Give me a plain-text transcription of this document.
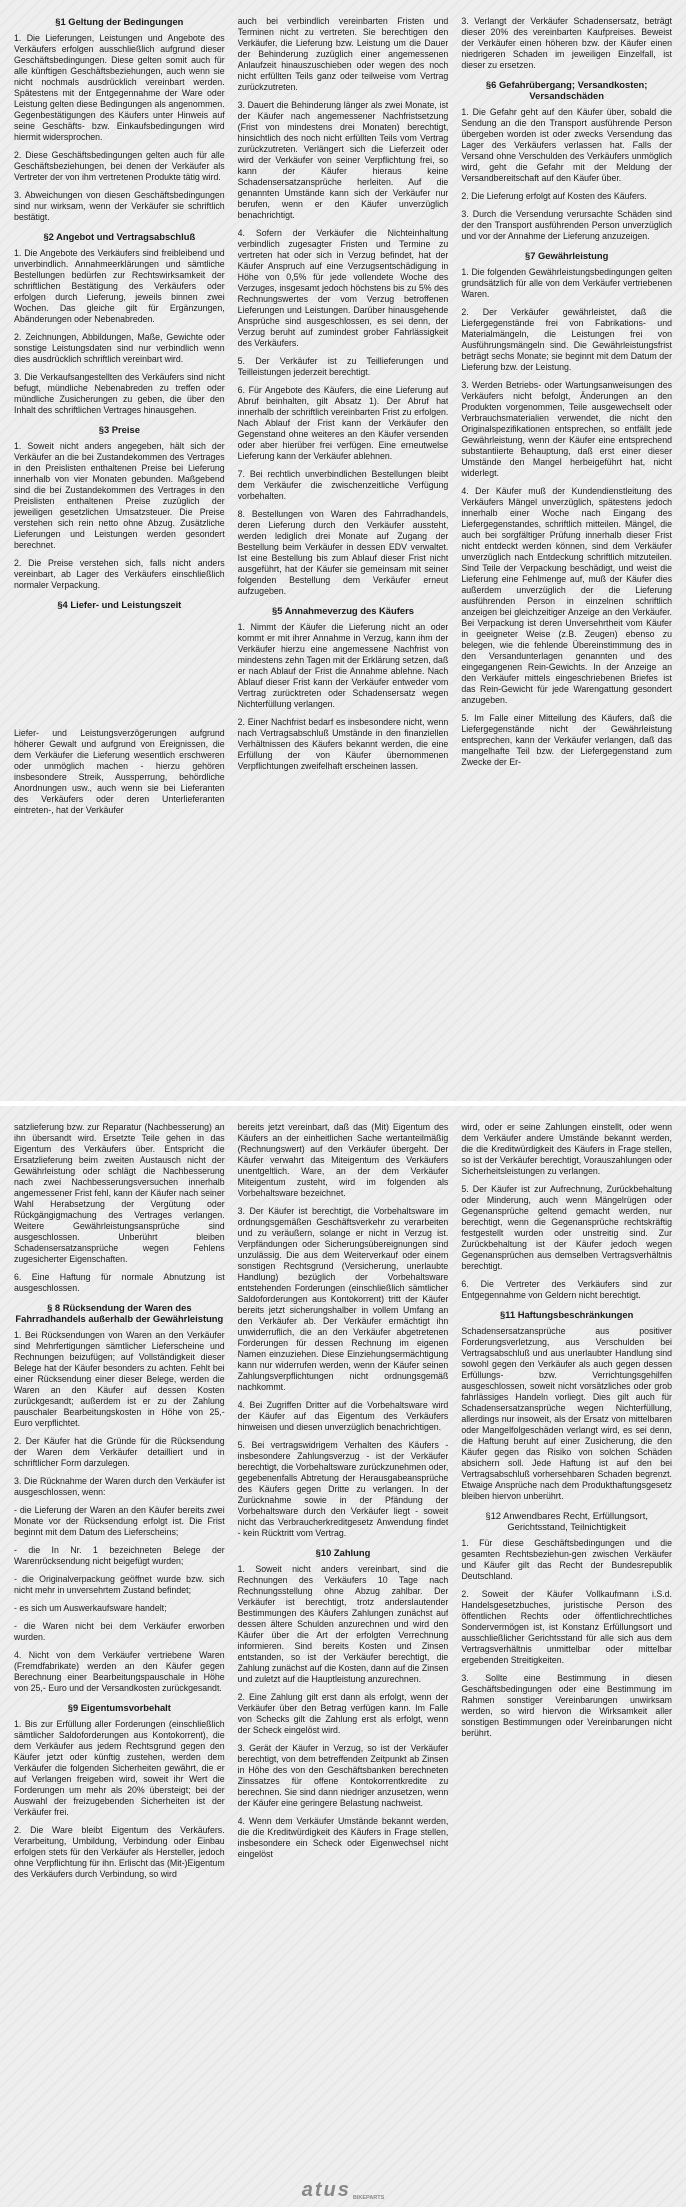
§1 Geltung der Bedingungen

1. Die Lieferungen, Leistungen und Angebote des Verkäufers erfolgen ausschließlich aufgrund dieser Geschäftsbedingungen. Diese gelten somit auch für alle künftigen Geschäftsbeziehungen, auch wenn sie nicht nochmals ausdrücklich vereinbart werden. Spätestens mit der Entgegennahme der Ware oder Leistung gelten diese Bedingungen als angenommen. Gegenbestätigungen des Käufers unter Hinweis auf seine Geschäfts- bzw. Einkaufsbedingungen wird hiermit widersprochen.

2. Diese Geschäftsbedingungen gelten auch für alle Geschäftsbeziehungen, bei denen der Verkäufer als Vertreter der von ihm vertretenen Produkte tätig wird.

3. Abweichungen von diesen Geschäftsbedingungen sind nur wirksam, wenn der Verkäufer sie schriftlich bestätigt.

§2 Angebot und Vertragsabschluß

1. Die Angebote des Verkäufers sind freibleibend und unverbindlich. Annahmeerklärungen und sämtliche Bestellungen bedürfen zur Rechtswirksamkeit der schriftlichen Bestätigung des Verkäufers oder erfolgen durch Lieferung, jeweils binnen zwei Wochen. Das gleiche gilt für Ergänzungen, Abänderungen oder Nebenabreden.

2. Zeichnungen, Abbildungen, Maße, Gewichte oder sonstige Leistungsdaten sind nur verbindlich wenn dies ausdrücklich schriftlich vereinbart wird.

3. Die Verkaufsangestellten des Verkäufers sind nicht befugt, mündliche Nebenabreden zu treffen oder mündliche Zusicherungen zu geben, die über den Inhalt des schriftlichen Vertrages hinausgehen.

§3 Preise

1. Soweit nicht anders angegeben, hält sich der Verkäufer an die bei Zustandekommen des Vertrages in den Preislisten enthaltenen Preise bei Lieferung innerhalb von vier Monaten gebunden. Maßgebend sind die bei Zustandekommen des Vertrages in den Preislisten enthaltenen Preise zuzüglich der jeweiligen gesetzlichen Umsatzsteuer. Die Preise verstehen sich rein netto ohne Abzug. Zusätzliche Lieferungen und Leistungen werden gesondert berechnet.

2. Die Preise verstehen sich, falls nicht anders vereinbart, ab Lager des Verkäufers einschließlich normaler Verpackung.

§4 Liefer- und Leistungszeit

Liefer- und Leistungsverzögerungen aufgrund höherer Gewalt und aufgrund von Ereignissen, die dem Verkäufer die Lieferung wesentlich erschweren oder unmöglich machen - hierzu gehören insbesondere Streik, Aussperrung, behördliche Anordnungen usw., auch wenn sie bei Lieferanten des Verkäufers oder deren Unterlieferanten eintreten-, hat der Verkäufer

auch bei verbindlich vereinbarten Fristen und Terminen nicht zu vertreten. Sie berechtigen den Verkäufer, die Lieferung bzw. Leistung um die Dauer der Behinderung zuzüglich einer angemessenen Anlaufzeit hinauszuschieben oder wegen des noch nicht erfüllten Teils ganz oder teilweise vom Vertrag zurückzutreten.

3. Dauert die Behinderung länger als zwei Monate, ist der Käufer nach angemessener Nachfristsetzung (Frist von mindestens drei Monaten) berechtigt, hinsichtlich des noch nicht erfüllten Teils vom Vertrag zurückzutreten. Verlängert sich die Lieferzeit oder wird der Verkäufer von seiner Verpflichtung frei, so kann der Käufer hieraus keine Schadensersatzansprüche herleiten. Auf die genannten Umstände kann sich der Verkäufer nur berufen, wenn er den Käufer unverzüglich benachrichtigt.

4. Sofern der Verkäufer die Nichteinhaltung verbindlich zugesagter Fristen und Termine zu vertreten hat oder sich in Verzug befindet, hat der Käufer Anspruch auf eine Verzugsentschädigung in Höhe von 0,5% für jede vollendete Woche des Verzuges, insgesamt jedoch höchstens bis zu 5% des Rechnungswertes der vom Verzug betroffenen Lieferungen und Leistungen. Darüber hinausgehende Ansprüche sind ausgeschlossen, es sei denn, der Verzug beruht auf zumindest grober Fahrlässigkeit des Verkäufers.

5. Der Verkäufer ist zu Teillieferungen und Teilleistungen jederzeit berechtigt.

6. Für Angebote des Käufers, die eine Lieferung auf Abruf beinhalten, gilt Absatz 1). Der Abruf hat innerhalb der schriftlich vereinbarten Frist zu erfolgen. Nach Ablauf der Frist kann der Verkäufer den Gegenstand ohne weiteres an den Käufer versenden oder aber hierüber frei verfügen. Eine erneutwelse Lieferung kann der Verkäufer ablehnen.

7. Bei rechtlich unverbindlichen Bestellungen bleibt dem Verkäufer die zwischenzeitliche Verfügung vorbehalten.

8. Bestellungen von Waren des Fahrradhandels, deren Lieferung durch den Verkäufer aussteht, werden lediglich drei Monate auf Zugang der Bestellung beim Verkäufer in dessen EDV verwaltet. Ist eine Bestellung bis zum Ablauf dieser Frist nicht ausgeführt, hat der Käufer sie gemeinsam mit seiner folgenden Bestellung dem Verkäufer erneut aufzugeben.

§5 Annahmeverzug des Käufers

1. Nimmt der Käufer die Lieferung nicht an oder kommt er mit ihrer Annahme in Verzug, kann ihm der Verkäufer hierzu eine angemessene Nachfrist von mindestens zehn Tagen mit der Erklärung setzen, daß er nach Ablauf der Frist die Annahme ablehne. Nach Ablauf dieser Frist kann der Verkäufer entweder vom Vertrag zurücktreten oder Schadensersatz wegen Nichterfüllung verlangen.

2. Einer Nachfrist bedarf es insbesondere nicht, wenn nach Vertragsabschluß Umstände in den finanziellen Verhältnissen des Käufers bekannt werden, die eine Erfüllung der von Käufer übernommenen Verpflichtungen zweifelhaft erscheinen lassen.

3. Verlangt der Verkäufer Schadensersatz, beträgt dieser 20% des vereinbarten Kaufpreises. Beweist der Verkäufer einen höheren bzw. der Käufer einen niedrigeren Schaden im jeweiligen Einzelfall, ist dieser zu ersetzen.

§6 Gefahrübergang; Versandkosten; Versandschäden

1. Die Gefahr geht auf den Käufer über, sobald die Sendung an die den Transport ausführende Person übergeben worden ist oder zwecks Versendung das Lager des Verkäufers verlassen hat. Falls der Versand ohne Verschulden des Verkäufers unmöglich wird, geht die Gefahr mit der Meldung der Versandbereitschaft auf den Käufer über.

2. Die Lieferung erfolgt auf Kosten des Käufers.

3. Durch die Versendung verursachte Schäden sind der den Transport ausführenden Person unverzüglich und vor der Annahme der Lieferung anzuzeigen.

§7 Gewährleistung

1. Die folgenden Gewährleistungsbedingungen gelten grundsätzlich für alle von dem Verkäufer vertriebenen Waren.

2. Der Verkäufer gewährleistet, daß die Liefergegenstände frei von Fabrikations- und Materialmängeln, die Leistungen frei von Ausführungsmängeln sind. Die Gewährleistungsfrist beträgt sechs Monate; sie beginnt mit dem Datum der Lieferung bzw. der Leistung.

3. Werden Betriebs- oder Wartungsanweisungen des Verkäufers nicht befolgt, Änderungen an den Produkten vorgenommen, Teile ausgewechselt oder Verbrauchsmaterialien verwendet, die nicht den Originalspezifikationen entsprechen, so entfällt jede Gewährleistung, wenn der Käufer eine entsprechend substantiierte Behauptung, daß erst einer dieser Umstände den Mangel herbeigeführt hat, nicht widerlegt.

4. Der Käufer muß der Kundendienstleitung des Verkäufers Mängel unverzüglich, spätestens jedoch innerhalb einer Woche nach Eingang des Liefergegenstandes, schriftlich mitteilen. Mängel, die auch bei sorgfältiger Prüfung innerhalb dieser Frist nicht entdeckt werden können, sind dem Verkäufer unverzüglich nach Entdeckung schriftlich mitzuteilen. Sind Teile der Verpackung beschädigt, und weist die Lieferung eine Fehlmenge auf, muß der Käufer dies außerdem unverzüglich der die Lieferung ausführenden Person in einzelnen schriftlich anzeigen bei gleichzeitiger Anzeige an den Verkäufer. Bei Verpackung ist deren Unversehrtheit vom Käufer in geeigneter Weise (z.B. Zeugen) ebenso zu belegen, wie die fehlende Übereinstimmung des in den Versandunterlagen genannten und des eingegangenen Rein-Gewichts. In der Anzeige an den Verkäufer mittels eingeschriebenen Briefes ist das Rein-Gewicht für jede Warengattung gesondert anzugeben.

5. Im Falle einer Mitteilung des Käufers, daß die Liefergegenstände nicht der Gewährleistung entsprechen, kann der Verkäufer verlangen, daß das mangelhafte Teil bzw. der Liefergegenstand zum Zwecke der Er-

satzlieferung bzw. zur Reparatur (Nachbesserung) an ihn übersandt wird. Ersetzte Teile gehen in das Eigentum des Verkäufers über. Entspricht die Ersatzlieferung beim zweiten Austausch nicht der Gewährleistung oder schlägt die Nachbesserung nach zwei Nachbesserungsversuchen innerhalb angemessener Frist fehl, kann der Käufer nach seiner Wahl Herabsetzung der Vergütung oder Rückgängigmachung des Vertrages verlangen. Weitere Gewährleistungsansprüche sind ausgeschlossen. Unberührt bleiben Schadensersatzansprüche wegen Fehlens zugesicherter Eigenschaften.

6. Eine Haftung für normale Abnutzung ist ausgeschlossen.

§ 8 Rücksendung der Waren des Fahrradhandels außerhalb der Gewährleistung

1. Bei Rücksendungen von Waren an den Verkäufer sind Mehrfertigungen sämtlicher Lieferscheine und Rechnungen beizufügen; auf Vollständigkeit dieser Belege hat der Käufer besonders zu achten. Fehlt bei einer Rücksendung einer dieser Belege, werden die Waren an den Käufer auf dessen Kosten zurückgesandt; außerdem ist er zu der Zahlung pauschaler Bearbeitungskosten in Höhe von 25,- Euro verpflichtet.

2. Der Käufer hat die Gründe für die Rücksendung der Waren dem Verkäufer detailliert und in schriftlicher Form darzulegen.

3. Die Rücknahme der Waren durch den Verkäufer ist ausgeschlossen, wenn:

- die Lieferung der Waren an den Käufer bereits zwei Monate vor der Rücksendung erfolgt ist. Die Frist beginnt mit dem Datum des Lieferscheins;

- die In Nr. 1 bezeichneten Belege der Warenrücksendung nicht beigefügt wurden;

- die Originalverpackung geöffnet wurde bzw. sich nicht mehr in unversehrtem Zustand befindet;

- es sich um Auswerkaufsware handelt;

- die Waren nicht bei dem Verkäufer erworben wurden.

4. Nicht von dem Verkäufer vertriebene Waren (Fremdfabrikate) werden an den Käufer gegen Berechnung einer Bearbeitungspauschale in Höhe von 25,- Euro und der Versandkosten zurückgesandt.

§9 Eigentumsvorbehalt

1. Bis zur Erfüllung aller Forderungen (einschließlich sämtlicher Saldoforderungen aus Kontokorrent), die dem Verkäufer aus jedem Rechtsgrund gegen den Käufer jetzt oder künftig zustehen, werden dem Verkäufer die folgenden Sicherheiten gewährt, die er auf Verlangen freigeben wird, soweit ihr Wert die Forderungen um mehr als 20% übersteigt; bei der Auswahl der freizugebenden Sicherheiten ist der Verkäufer frei.

2. Die Ware bleibt Eigentum des Verkäufers. Verarbeitung, Umbildung, Verbindung oder Einbau erfolgen stets für den Verkäufer als Hersteller, jedoch ohne Verpflichtung für ihn. Erlischt das (Mit-)Eigentum des Verkäufers durch Verbindung, so wird

bereits jetzt vereinbart, daß das (Mit) Eigentum des Käufers an der einheitlichen Sache wertanteilmäßig (Rechnungswert) auf den Verkäufer übergeht. Der Käufer verwahrt das Miteigentum des Verkäufers unentgeltlich. Ware, an der dem Verkäufer Miteigentum zusteht, wird im folgenden als Vorbehaltsware bezeichnet.

3. Der Käufer ist berechtigt, die Vorbehaltsware im ordnungsgemäßen Geschäftsverkehr zu verarbeiten und zu veräußern, solange er nicht in Verzug ist. Verpfändungen oder Sicherungsübereignungen sind unzulässig. Die aus dem Weiterverkauf oder einem sonstigen Rechtsgrund (Versicherung, unerlaubte Handlung) bezüglich der Vorbehaltsware entstehenden Forderungen (einschließlich sämtlicher Saldoforderungen aus Kontokorrent) tritt der Käufer bereits jetzt sicherungshalber in vollem Umfang an den Verkäufer ab. Der Verkäufer ermächtigt ihn unwiderruflich, die an den Verkäufer abgetretenen Forderungen für dessen Rechnung im eigenen Namen einzuziehen. Diese Einziehungsermächtigung kann nur widerrufen werden, wenn der Käufer seinen Zahlungsverpflichtungen nicht ordnungsgemäß nachkommt.

4. Bei Zugriffen Dritter auf die Vorbehaltsware wird der Käufer auf das Eigentum des Verkäufers hinweisen und diesen unverzüglich benachrichtigen.

5. Bei vertragswidrigem Verhalten des Käufers - insbesondere Zahlungsverzug - ist der Verkäufer berechtigt, die Vorbehaltsware zurückzunehmen oder, gegebenenfalls Abtretung der Herausgabeansprüche des Käufers gegen Dritte zu verlangen. In der Zurücknahme sowie in der Pfändung der Vorbehaltsware durch den Verkäufer liegt - soweit nicht das Verbraucherkreditgesetz Anwendung findet - kein Rücktritt vom Vertrag.

§10 Zahlung

1. Soweit nicht anders vereinbart, sind die Rechnungen des Verkäufers 10 Tage nach Rechnungsstellung ohne Abzug zahlbar. Der Verkäufer ist berechtigt, trotz anderslautender Bestimmungen des Käufers Zahlungen zunächst auf dessen ältere Schulden anzurechnen und wird den Käufer über die Art der erfolgten Verrechnung informieren. Sind bereits Kosten und Zinsen entstanden, so ist der Verkäufer berechtigt, die Zahlung zunächst auf die Kosten, dann auf die Zinsen und zuletzt auf die Hauptleistung anzurechnen.

2. Eine Zahlung gilt erst dann als erfolgt, wenn der Verkäufer über den Betrag verfügen kann. Im Falle von Schecks gilt die Zahlung erst als erfolgt, wenn der Scheck eingelöst wird.

3. Gerät der Käufer in Verzug, so ist der Verkäufer berechtigt, von dem betreffenden Zeitpunkt ab Zinsen in Höhe des von den Geschäftsbanken berechneten Zinssatzes für offene Kontokorrentkredite zu berechnen. Sie sind dann niedriger anzusetzen, wenn der Käufer eine geringere Belastung nachweist.

4. Wenn dem Verkäufer Umstände bekannt werden, die die Kreditwürdigkeit des Käufers in Frage stellen, insbesondere ein Scheck oder Eigenwechsel nicht eingelöst

wird, oder er seine Zahlungen einstellt, oder wenn dem Verkäufer andere Umstände bekannt werden, die die Kreditwürdigkeit des Käufers in Frage stellen, so ist der Verkäufer berechtigt, Vorauszahlungen oder Sicherheitsleistungen zu verlangen.

5. Der Käufer ist zur Aufrechnung, Zurückbehaltung oder Minderung, auch wenn Mängelrügen oder Gegenansprüche geltend gemacht werden, nur berechtigt, wenn die Gegenansprüche rechtskräftig festgestellt wurden oder unstreitig sind. Zur Zurückbehaltung ist der Käufer jedoch wegen Gegenansprüchen aus demselben Vertragsverhältnis berechtigt.

6. Die Vertreter des Verkäufers sind zur Entgegennahme von Geldern nicht berechtigt.

§11 Haftungsbeschränkungen

Schadensersatzansprüche aus positiver Forderungsverletzung, aus Verschulden bei Vertragsabschluß und aus unerlaubter Handlung sind sowohl gegen den Verkäufer als auch gegen dessen Erfüllungs- bzw. Verrichtungsgehilfen ausgeschlossen, soweit nicht vorsätzliches oder grob fahrlässiges Handeln vorliegt. Dies gilt auch für Schadensersatzansprüche wegen Nichterfüllung, allerdings nur insoweit, als der Ersatz von mittelbaren oder Mangelfolgeschäden verlangt wird, es sei denn, die Haftung beruht auf einer Zusicherung, die den Käufer gegen das Risiko von solchen Schäden absichern soll. Jede Haftung ist auf den bei Vertragsabschluß vorhersehbaren Schaden begrenzt. Etwaige Ansprüche nach dem Produkthaftungsgesetz bleiben hiervon unberührt.

§12 Anwendbares Recht, Erfüllungsort, Gerichtsstand, Teilnichtigkeit

1. Für diese Geschäftsbedingungen und die gesamten Rechtsbeziehun-gen zwischen Verkäufer und Käufer gilt das Recht der Bundesrepublik Deutschland.

2. Soweit der Käufer Vollkaufmann i.S.d. Handelsgesetzbuches, juristische Person des öffentlichen Rechts oder öffentlichrechtliches Sondervermögen ist, ist Konstanz Erfüllungsort und ausschließlicher Gerichtsstand für alle sich aus dem Vertragsverhältnis unmittelbar oder mittelbar ergebenden Streitigkeiten.

3. Sollte eine Bestimmung in diesen Geschäftsbedingungen oder eine Bestimmung im Rahmen sonstiger Vereinbarungen unwirksam werden, so wird hiervon die Wirksamkeit aller sonstigen Bestimmungen oder Vereinbarungen nicht berührt.

atus BIKEPARTS
